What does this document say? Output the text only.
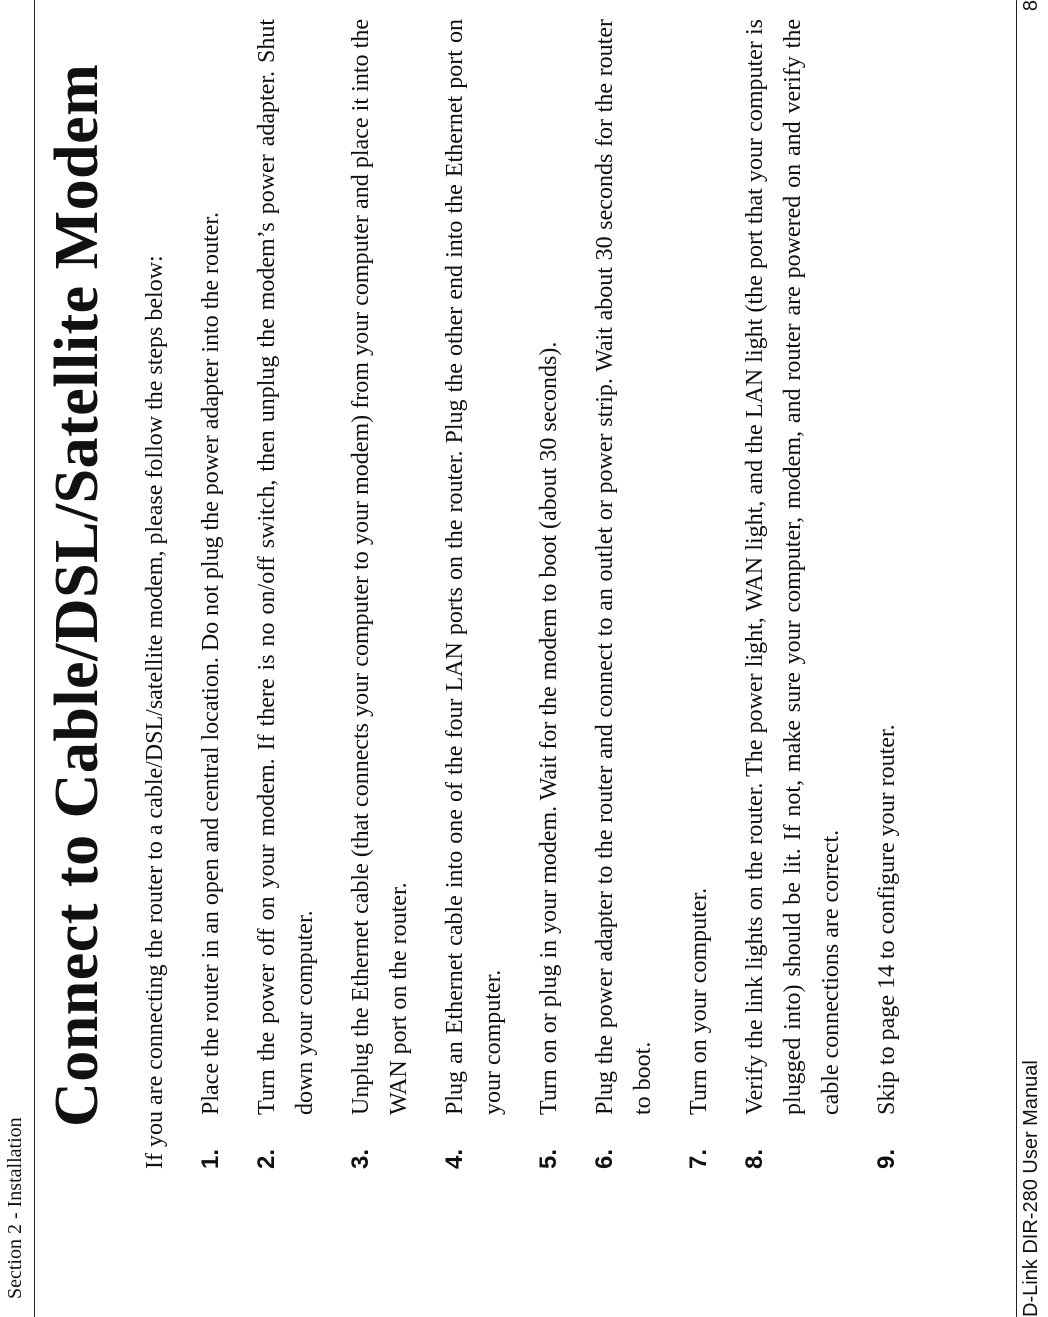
Section 2 - Installation
Connect to Cable/DSL/Satellite Modem If you are connecting the router to a cable/DSL/satellite modem, please follow the steps below: 1.
Place the router in an open and central location. Do not plug the power adapter into the router.
2.
Turn the power off on your modem. If there is no on/off switch, then unplug the modem’s power adapter. Shut down your computer.
3.
Unplug the Ethernet cable (that connects your computer to your modem) from your computer and place it into the WAN port on the router.
4.
Plug an Ethernet cable into one of the four LAN ports on the router. Plug the other end into the Ethernet port on your computer.
5.
Turn on or plug in your modem. Wait for the modem to boot (about 30 seconds).
6.
Plug the power adapter to the router and connect to an outlet or power strip. Wait about 30 seconds for the router to boot.
7.
Turn on your computer.
8.
Verify the link lights on the router. The power light, WAN light, and the LAN light (the port that your computer is plugged into) should be lit. If not, make sure your computer, modem, and router are powered on and verify the cable connections are correct.
9.
Skip to page 14 to configure your router.
D-Link DIR-280 User Manual
8
